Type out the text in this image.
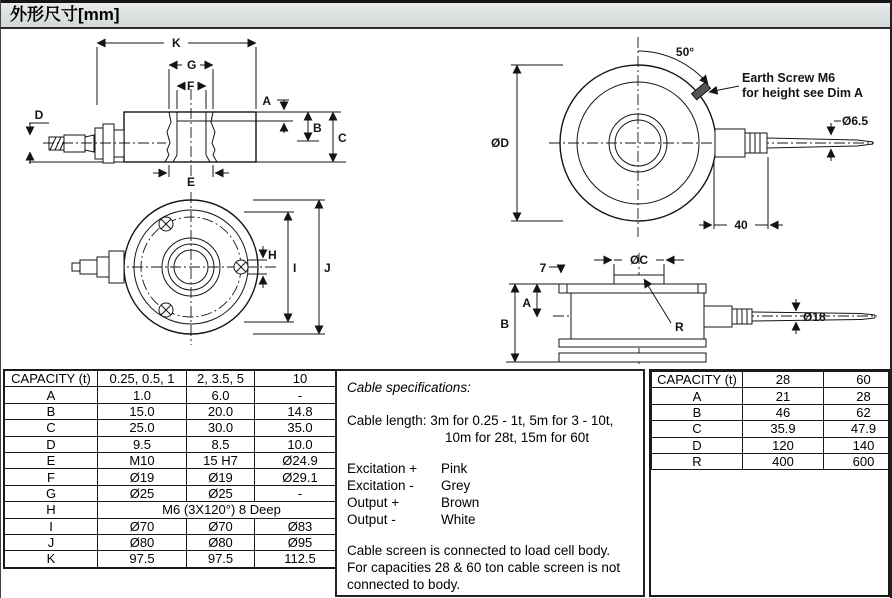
外形尺寸[mm]
K
G
F
A
B
C
D
E
H
I J
50°
Earth Screw M6
for height see Dim A
ØD
Ø6.5
40
ØC
7
A
B	R
Ø18
CAPACITY (t)	0.25, 0.5, 1	2, 3.5, 5	10
A	1.0	6.0	-
B	15.0	20.0	14.8
C	25.0	30.0	35.0
D	9.5	8.5	10.0
E	M10	15 H7	Ø24.9
F	Ø19	Ø19	Ø29.1
G	Ø25	Ø25	-
H	M6 (3X120°) 8 Deep		
I	Ø70	Ø70	Ø83
J	Ø80	Ø80	Ø95
K	97.5	97.5	112.5
Cable specifications:
Cable length: 3m for 0.25 - 1t, 5m for 3 - 10t,
10m for 28t, 15m for 60t
Excitation +	Pink
Excitation -	Grey
Output +	Brown
Output -	White
Cable screen is connected to load cell body.
For capacities 28 & 60 ton cable screen is not
connected to body.
CAPACITY (t)	28	60
A	21	28
B	46	62
C	35.9	47.9
D	120	140
R	400	600
